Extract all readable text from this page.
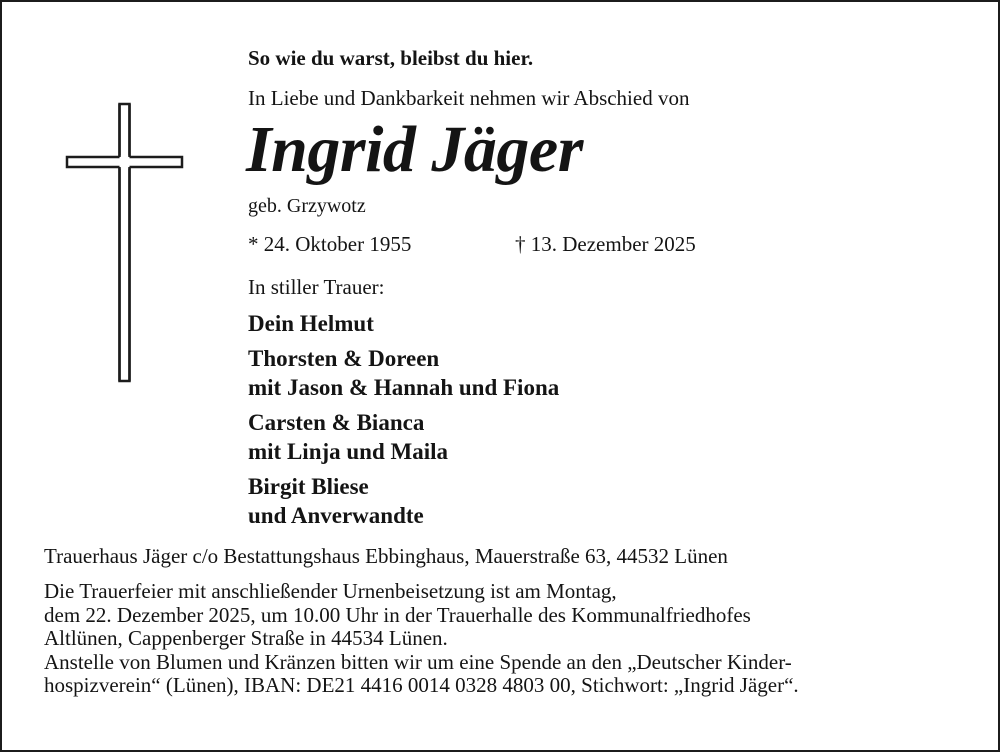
So wie du warst, bleibst du hier.
In Liebe und Dankbarkeit nehmen wir Abschied von
Ingrid Jäger
geb. Grzywotz
* 24. Oktober 1955	† 13. Dezember 2025
In stiller Trauer:
Dein Helmut
Thorsten & Doreen
mit Jason & Hannah und Fiona
Carsten & Bianca
mit Linja und Maila
Birgit Bliese
und Anverwandte
Trauerhaus Jäger c/o Bestattungshaus Ebbinghaus, Mauerstraße 63, 44532 Lünen
Die Trauerfeier mit anschließender Urnenbeisetzung ist am Montag,
dem 22. Dezember 2025, um 10.00 Uhr in der Trauerhalle des Kommunalfriedhofes
Altlünen, Cappenberger Straße in 44534 Lünen.
Anstelle von Blumen und Kränzen bitten wir um eine Spende an den „Deutscher Kinder-
hospizverein“ (Lünen), IBAN: DE21 4416 0014 0328 4803 00, Stichwort: „Ingrid Jäger“.
